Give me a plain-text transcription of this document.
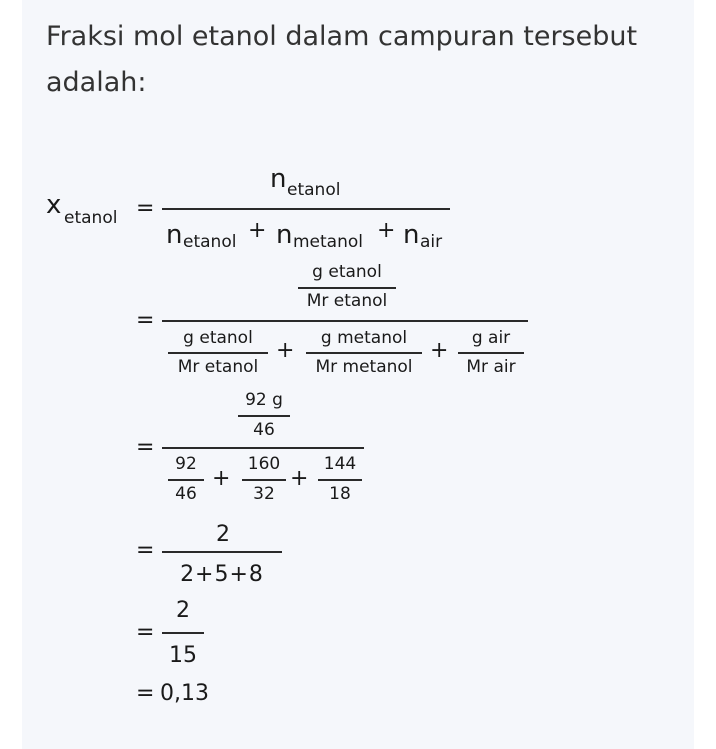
Fraksi mol etanol dalam campuran tersebut adalah:

x etanol =
n etanol
n etanol + n metanol + n air
=
g etanol
Mr etanol
g etanol
Mr etanol
+	g metanol
Mr metanol
+	g air
Mr air
=
92 g
46
92
46
+
160
32
+
144
18
=
2
2+5+8
=
2
15
= 0,13
